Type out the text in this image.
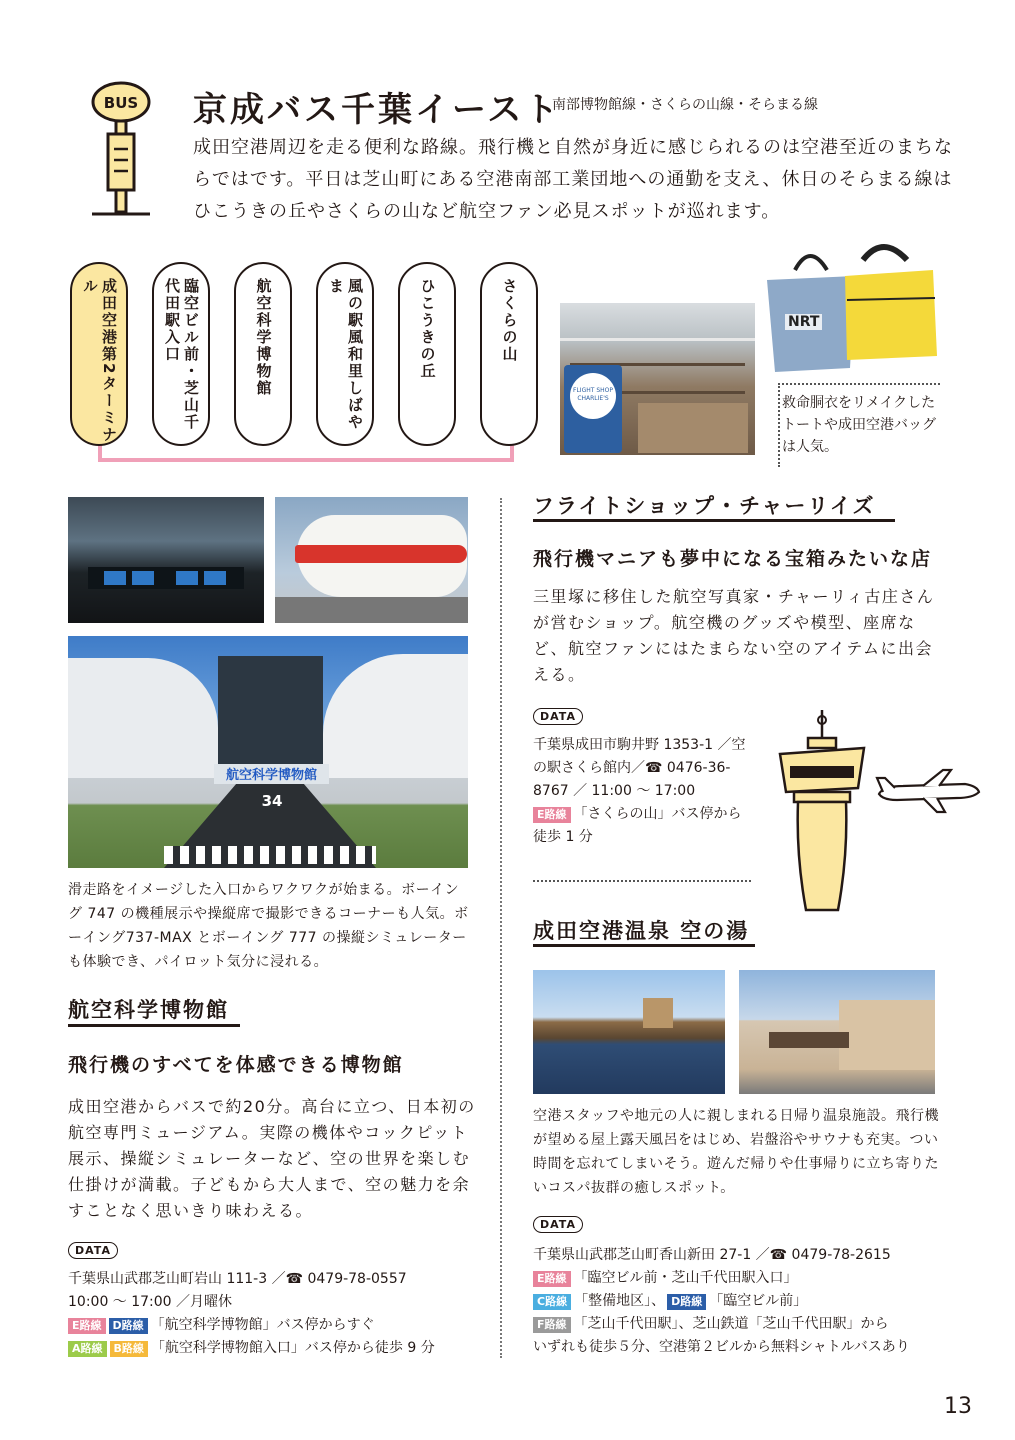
BUS 京成バス千葉イースト
南部博物館線・さくらの山線・そらまる線
成田空港周辺を走る便利な路線。飛行機と自然が身近に感じられるのは空港至近のまちならではです。平日は芝山町にある空港南部工業団地への通勤を支え、休日のそらまる線はひこうきの丘やさくらの山など航空ファン必見スポットが巡れます。
成田空港第2ターミナル	臨空ビル前・芝山千代田駅入口	航空科学博物館	風の駅風和里しばやま	ひこうきの丘	さくらの山
FLIGHT SHOP CHARLIE'S
NRT
救命胴衣をリメイクしたトートや成田空港バッグは人気。
航空科学博物館
34
滑走路をイメージした入口からワクワクが始まる。ボーイング 747 の機種展示や操縦席で撮影できるコーナーも人気。ボーイング737-MAX とボーイング 777 の操縦シミュレーターも体験でき、パイロット気分に浸れる。
航空科学博物館
飛行機のすべてを体感できる博物館
成田空港からバスで約20分。高台に立つ、日本初の航空専門ミュージアム。実際の機体やコックピット展示、操縦シミュレーターなど、空の世界を楽しむ仕掛けが満載。子どもから大人まで、空の魅力を余すことなく思いきり味わえる。
DATA
千葉県山武郡芝山町岩山 111-3 ／☎ 0479-78-0557
10:00 ～ 17:00 ／月曜休
E路線 D路線 「航空科学博物館」バス停からすぐ
A路線 B路線 「航空科学博物館入口」バス停から徒歩 9 分
フライトショップ・チャーリイズ
飛行機マニアも夢中になる宝箱みたいな店
三里塚に移住した航空写真家・チャーリィ古庄さんが営むショップ。航空機のグッズや模型、座席など、航空ファンにはたまらない空のアイテムに出会える。
DATA
千葉県成田市駒井野 1353-1 ／空の駅さくら館内／☎ 0476-36-8767 ／ 11:00 ～ 17:00
E路線 「さくらの山」バス停から徒歩 1 分
成田空港温泉 空の湯
空港スタッフや地元の人に親しまれる日帰り温泉施設。飛行機が望める屋上露天風呂をはじめ、岩盤浴やサウナも充実。つい時間を忘れてしまいそう。遊んだ帰りや仕事帰りに立ち寄りたいコスパ抜群の癒しスポット。
DATA
千葉県山武郡芝山町香山新田 27-1 ／☎ 0479-78-2615
E路線 「臨空ビル前・芝山千代田駅入口」
C路線 「整備地区」、 D路線 「臨空ビル前」
F路線 「芝山千代田駅」、芝山鉄道「芝山千代田駅」から
いずれも徒歩５分、空港第２ビルから無料シャトルバスあり
13
